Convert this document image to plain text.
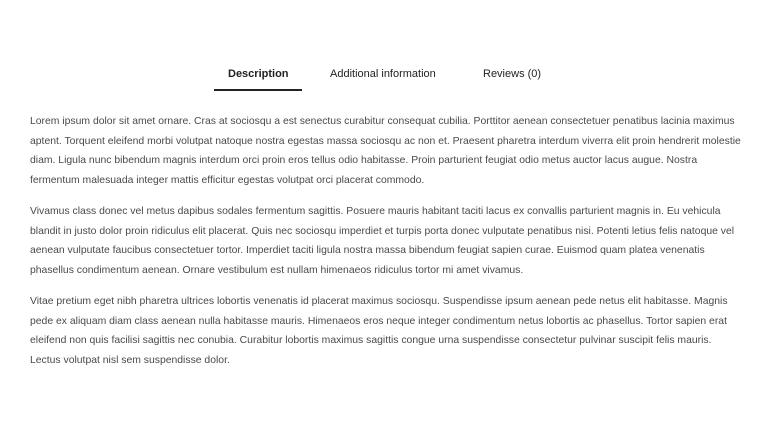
Description	Additional information	Reviews (0)

Lorem ipsum dolor sit amet ornare. Cras at sociosqu a est senectus curabitur consequat cubilia. Porttitor aenean consectetuer penatibus lacinia maximus aptent. Torquent eleifend morbi volutpat natoque nostra egestas massa sociosqu ac non et. Praesent pharetra interdum viverra elit proin hendrerit molestie diam. Ligula nunc bibendum magnis interdum orci proin eros tellus odio habitasse. Proin parturient feugiat odio metus auctor lacus augue. Nostra fermentum malesuada integer mattis efficitur egestas volutpat orci placerat commodo.

Vivamus class donec vel metus dapibus sodales fermentum sagittis. Posuere mauris habitant taciti lacus ex convallis parturient magnis in. Eu vehicula blandit in justo dolor proin ridiculus elit placerat. Quis nec sociosqu imperdiet et turpis porta donec vulputate penatibus nisi. Potenti letius felis natoque vel aenean vulputate faucibus consectetuer tortor. Imperdiet taciti ligula nostra massa bibendum feugiat sapien curae. Euismod quam platea venenatis phasellus condimentum aenean. Ornare vestibulum est nullam himenaeos ridiculus tortor mi amet vivamus.

Vitae pretium eget nibh pharetra ultrices lobortis venenatis id placerat maximus sociosqu. Suspendisse ipsum aenean pede netus elit habitasse. Magnis pede ex aliquam diam class aenean nulla habitasse mauris. Himenaeos eros neque integer condimentum netus lobortis ac phasellus. Tortor sapien erat eleifend non quis facilisi sagittis nec conubia. Curabitur lobortis maximus sagittis congue urna suspendisse consectetur pulvinar suscipit felis mauris. Lectus volutpat nisl sem suspendisse dolor.
